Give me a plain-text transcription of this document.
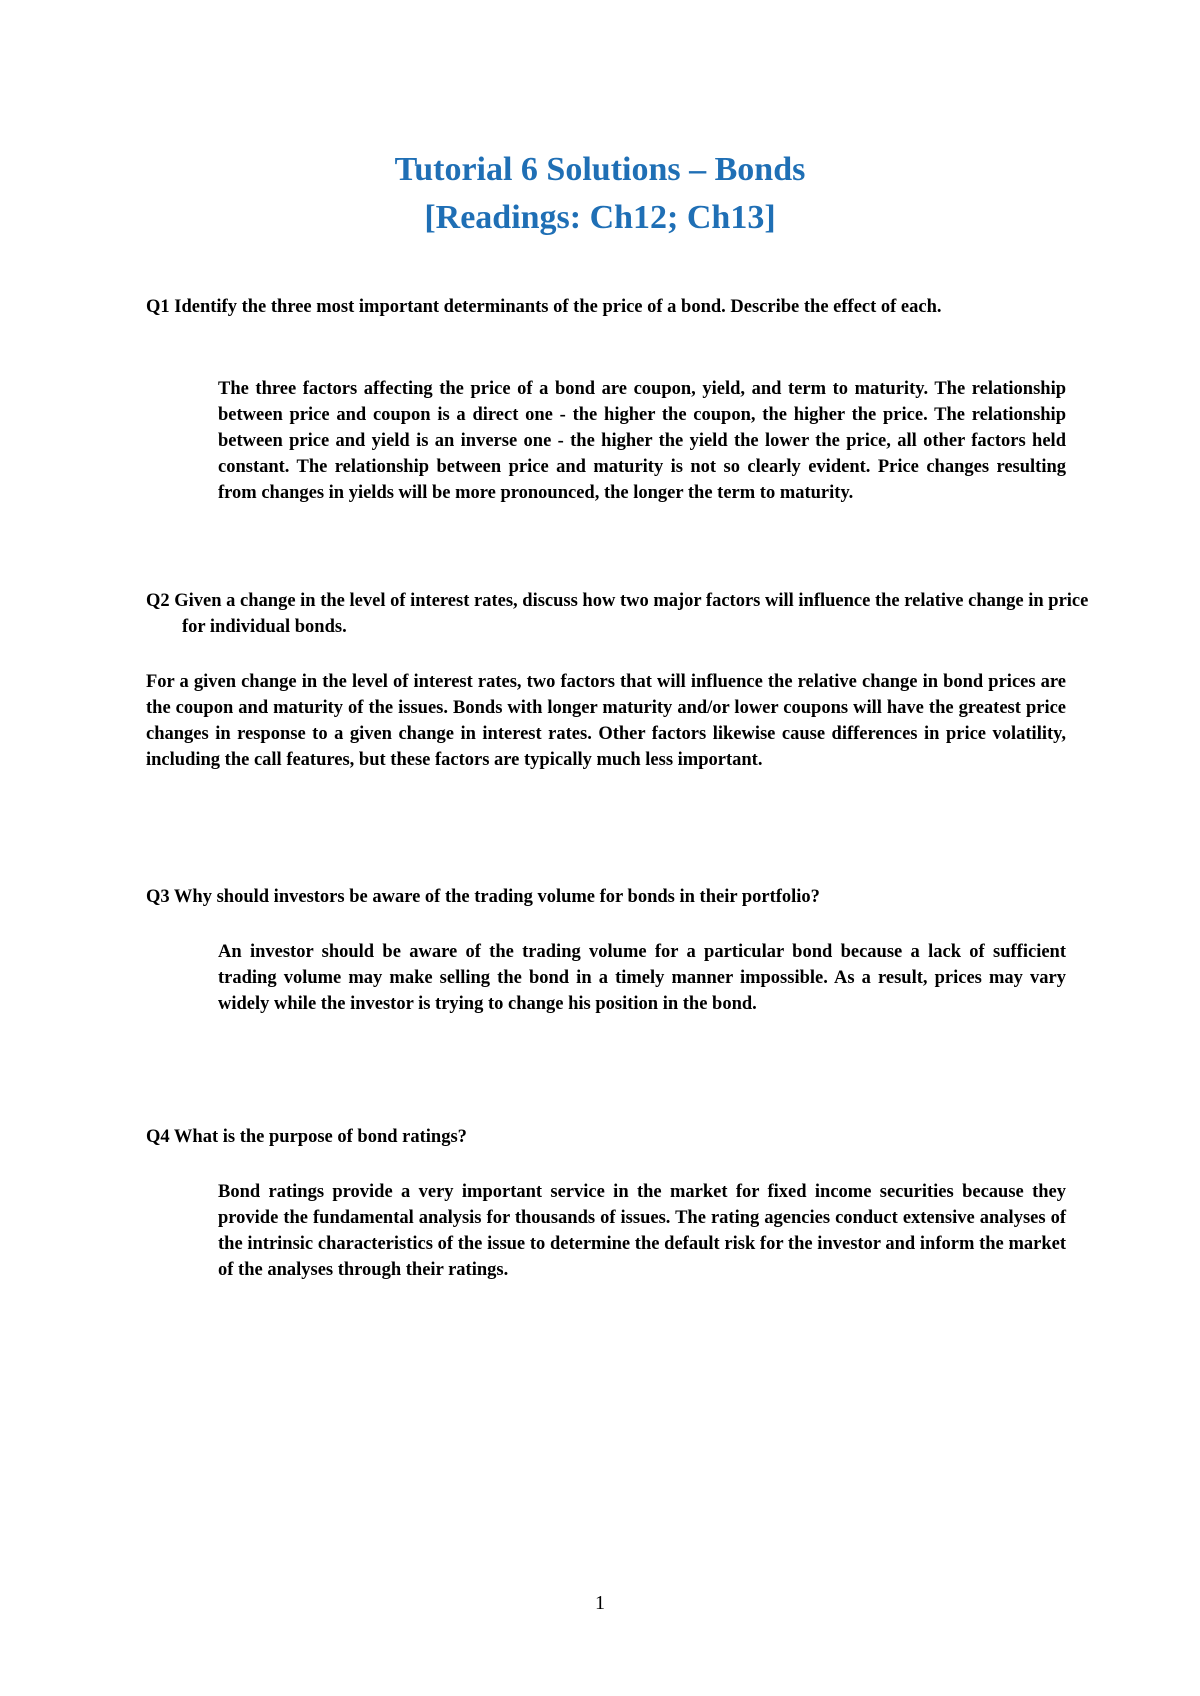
Tutorial 6 Solutions – Bonds
[Readings: Ch12; Ch13]
Q1 Identify the three most important determinants of the price of a bond. Describe the effect of each.
The three factors affecting the price of a bond are coupon, yield, and term to maturity. The relationship between price and coupon is a direct one - the higher the coupon, the higher the price. The relationship between price and yield is an inverse one - the higher the yield the lower the price, all other factors held constant. The relationship between price and maturity is not so clearly evident. Price changes resulting from changes in yields will be more pronounced, the longer the term to maturity.
Q2 Given a change in the level of interest rates, discuss how two major factors will influence the relative change in price for individual bonds.
For a given change in the level of interest rates, two factors that will influence the relative change in bond prices are the coupon and maturity of the issues. Bonds with longer maturity and/or lower coupons will have the greatest price changes in response to a given change in interest rates. Other factors likewise cause differences in price volatility, including the call features, but these factors are typically much less important.
Q3 Why should investors be aware of the trading volume for bonds in their portfolio?
An investor should be aware of the trading volume for a particular bond because a lack of sufficient trading volume may make selling the bond in a timely manner impossible. As a result, prices may vary widely while the investor is trying to change his position in the bond.
Q4 What is the purpose of bond ratings?
Bond ratings provide a very important service in the market for fixed income securities because they provide the fundamental analysis for thousands of issues. The rating agencies conduct extensive analyses of the intrinsic characteristics of the issue to determine the default risk for the investor and inform the market of the analyses through their ratings.
1
